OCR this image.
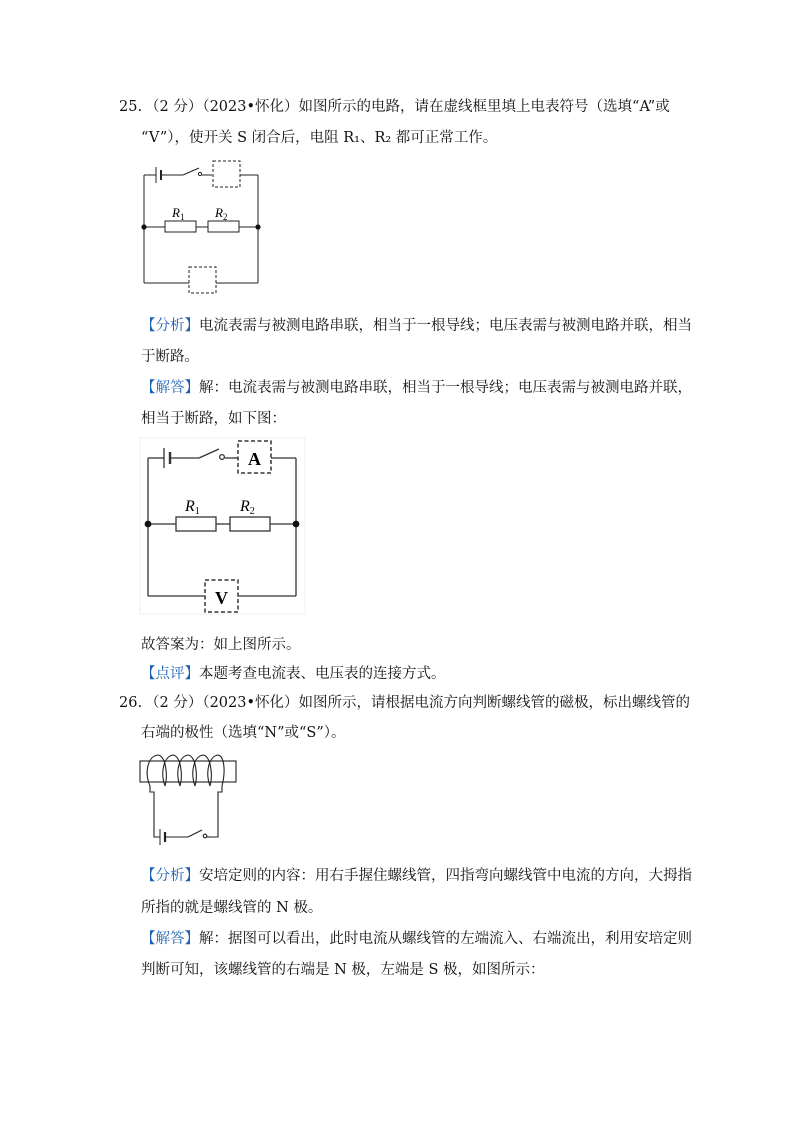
25. （2 分）（2023•怀化）如图所示的电路，请在虚线框里填上电表符号（选填“A”或
“V”），使开关 S 闭合后，电阻 R₁、R₂ 都可正常工作。
$R_1$ $R_2$
【分析】电流表需与被测电路串联，相当于一根导线；电压表需与被测电路并联，相当
于断路。
【解答】解：电流表需与被测电路串联，相当于一根导线；电压表需与被测电路并联，
相当于断路，如下图：
A
V
R1	R2
故答案为：如上图所示。
【点评】本题考查电流表、电压表的连接方式。
26. （2 分）（2023•怀化）如图所示，请根据电流方向判断螺线管的磁极，标出螺线管的
右端的极性（选填“N”或“S”）。
【分析】安培定则的内容：用右手握住螺线管，四指弯向螺线管中电流的方向，大拇指
所指的就是螺线管的 N 极。
【解答】解：据图可以看出，此时电流从螺线管的左端流入、右端流出，利用安培定则
判断可知，该螺线管的右端是 N 极，左端是 S 极，如图所示：
